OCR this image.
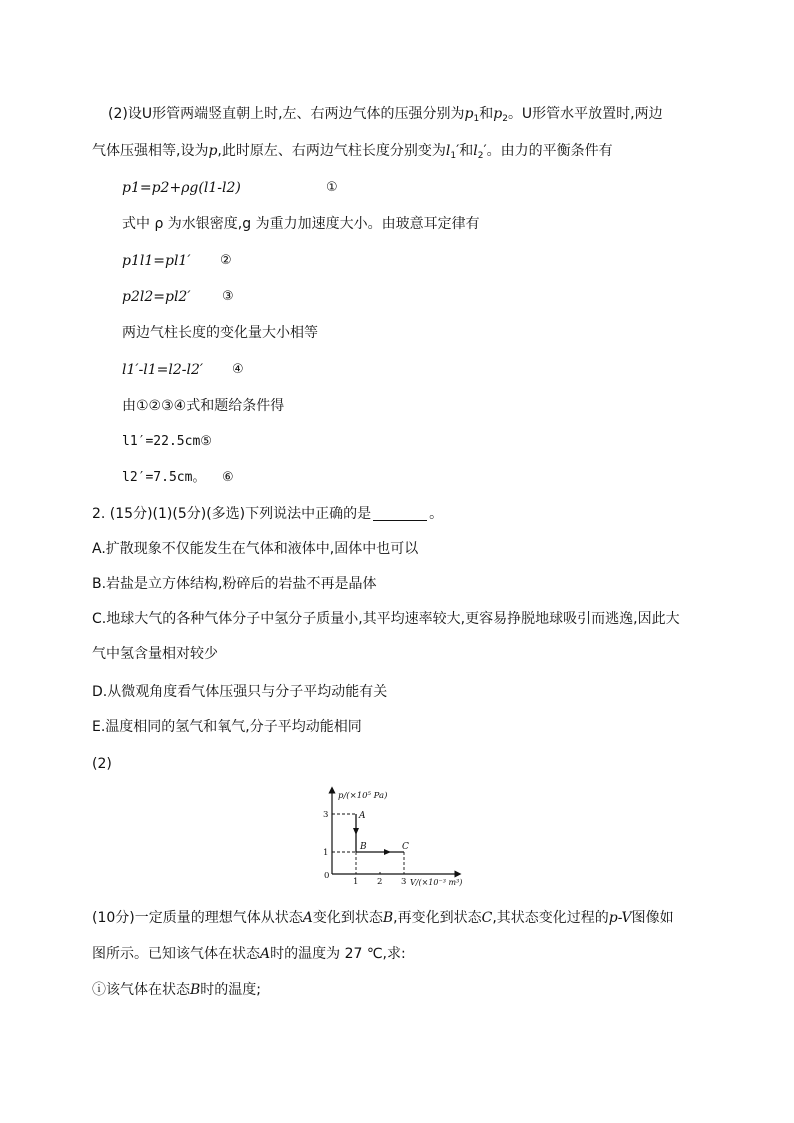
(2)设U形管两端竖直朝上时,左、右两边气体的压强分别为$p_1$和$p_2$。U形管水平放置时,两边
气体压强相等,设为p,此时原左、右两边气柱长度分别变为$l_1'$和$l_2'$。由力的平衡条件有
p1=p2+ρg(l1-l2)	①
式中 ρ 为水银密度,g 为重力加速度大小。由玻意耳定律有
p1l1=pl1′ ②
p2l2=pl2′ ③
两边气柱长度的变化量大小相等
l1′-l1=l2-l2′ ④
由①②③④式和题给条件得
l1′=22.5cm⑤
l2′=7.5cm。 ⑥
2. (15分)(1)(5分)(多选)下列说法中正确的是	。
A.扩散现象不仅能发生在气体和液体中,固体中也可以
B.岩盐是立方体结构,粉碎后的岩盐不再是晶体
C.地球大气的各种气体分子中氢分子质量小,其平均速率较大,更容易挣脱地球吸引而逃逸,因此大
气中氢含量相对较少
D.从微观角度看气体压强只与分子平均动能有关
E.温度相同的氢气和氧气,分子平均动能相同
(2)
p/(×10⁵ Pa)
V/(×10⁻³ m³)
0
3
1
1 2 3
A
B	C
(10分)一定质量的理想气体从状态A变化到状态B,再变化到状态C,其状态变化过程的p-V图像如
图所示。已知该气体在状态A时的温度为 27 ℃,求:
ⓘ该气体在状态B时的温度;
